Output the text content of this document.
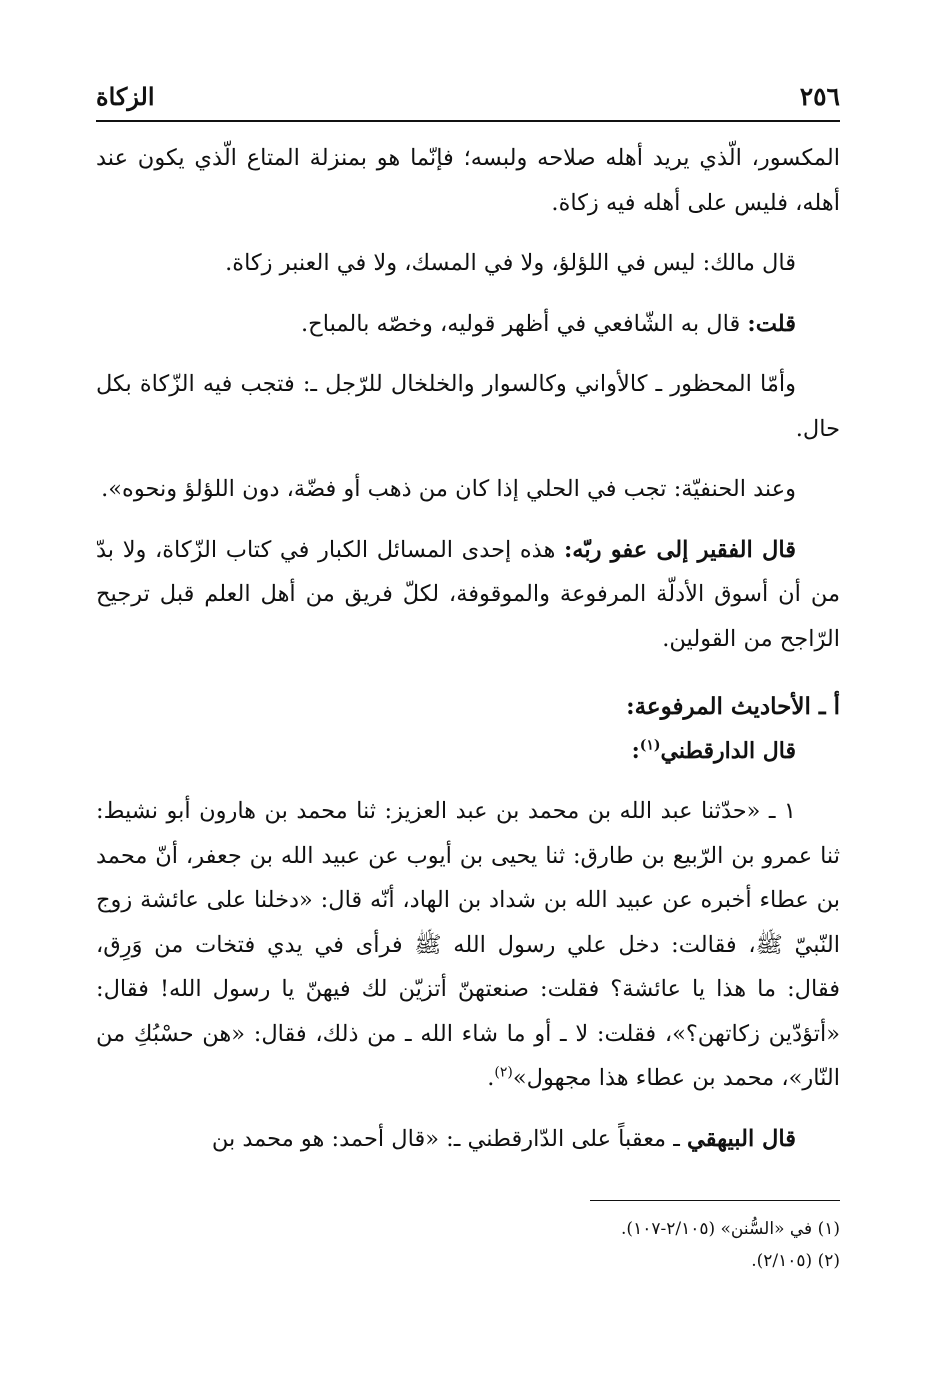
٢٥٦
الزكاة

المكسور، الّذي يريد أهله صلاحه ولبسه؛ فإنّما هو بمنزلة المتاع الّذي يكون عند أهله، فليس على أهله فيه زكاة.

قال مالك: ليس في اللؤلؤ، ولا في المسك، ولا في العنبر زكاة.

قلت: قال به الشّافعي في أظهر قوليه، وخصّه بالمباح.

وأمّا المحظور ـ كالأواني وكالسوار والخلخال للرّجل ـ: فتجب فيه الزّكاة بكل حال.

وعند الحنفيّة: تجب في الحلي إذا كان من ذهب أو فضّة، دون اللؤلؤ ونحوه».

قال الفقير إلى عفو ربّه: هذه إحدى المسائل الكبار في كتاب الزّكاة، ولا بدّ من أن أسوق الأدلّة المرفوعة والموقوفة، لكلّ فريق من أهل العلم قبل ترجيح الرّاجح من القولين.

أ ـ الأحاديث المرفوعة:
قال الدارقطني$^{(١)}$:

١ ـ «حدّثنا عبد الله بن محمد بن عبد العزيز: ثنا محمد بن هارون أبو نشيط: ثنا عمرو بن الرّبيع بن طارق: ثنا يحيى بن أيوب عن عبيد الله بن جعفر، أنّ محمد بن عطاء أخبره عن عبيد الله بن شداد بن الهاد، أنّه قال: «دخلنا على عائشة زوج النّبيّ ﷺ، فقالت: دخل علي رسول الله ﷺ فرأى في يدي فتخات من وَرِق، فقال: ما هذا يا عائشة؟ فقلت: صنعتهنّ أتزيّن لك فيهنّ يا رسول الله! فقال: «أتؤدّين زكاتهن؟»، فقلت: لا ـ أو ما شاء الله ـ من ذلك، فقال: «هن حسْبُكِ من النّار»، محمد بن عطاء هذا مجهول»$^{(٢)}$.

قال البيهقي ـ معقباً على الدّارقطني ـ: «قال أحمد: هو محمد بن

(١) في «السُّنن» (٢/١٠٥-١٠٧).

(٢) (٢/١٠٥).
